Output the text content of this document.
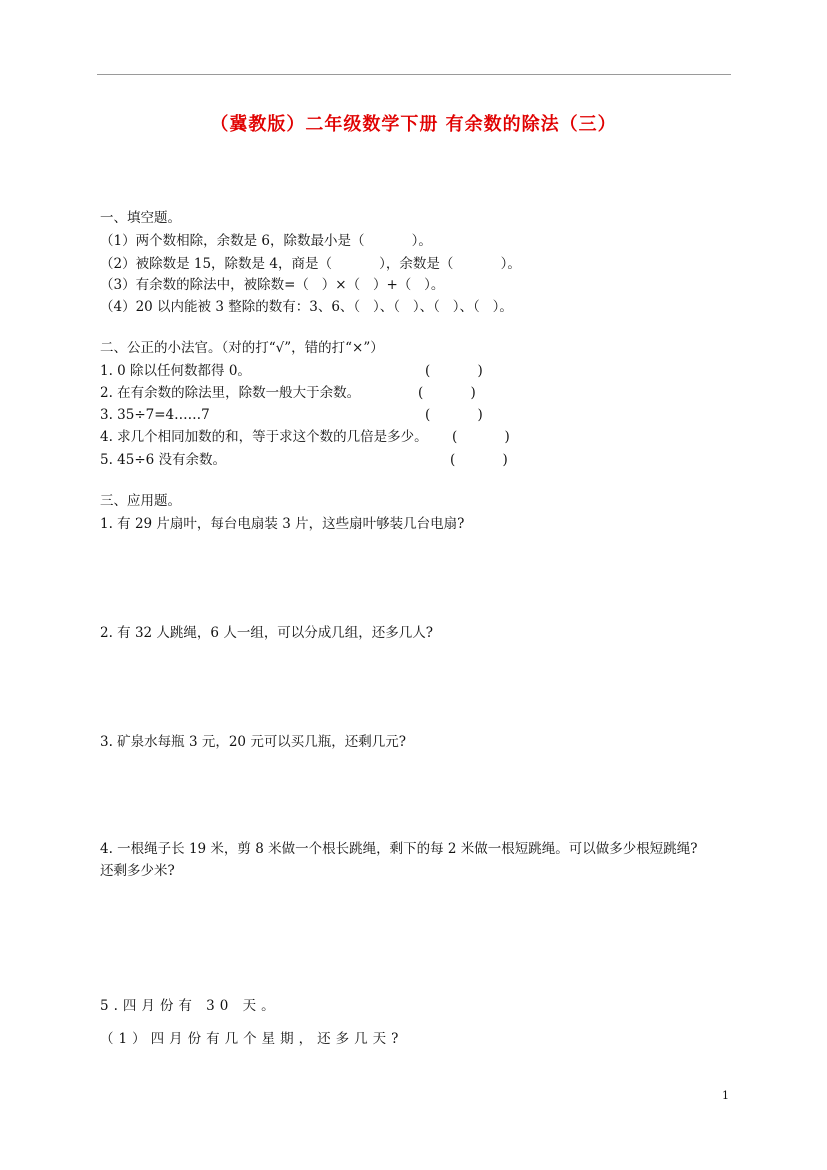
（冀教版）二年级数学下册 有余数的除法（三）
一、填空题。
（1）两个数相除，余数是 6，除数最小是（           ）。
（2）被除数是 15，除数是 4，商是（           ），余数是（           ）。
（3）有余数的除法中，被除数=（   ）×（   ）+（   ）。
（4）20 以内能被 3 整除的数有：3、6、（   ）、（   ）、（   ）、（   ）。
二、公正的小法官。（对的打“√”，错的打“×”）
1. 0 除以任何数都得 0。	(           )
2. 在有余数的除法里，除数一般大于余数。	(           )
3. 35÷7=4……7	(           )
4. 求几个相同加数的和，等于求这个数的几倍是多少。 (           )
5. 45÷6 没有余数。	(           )
三、应用题。
1. 有 29 片扇叶，每台电扇装 3 片，这些扇叶够装几台电扇?
2. 有 32 人跳绳，6 人一组，可以分成几组，还多几人?
3. 矿泉水每瓶 3 元，20 元可以买几瓶，还剩几元?
4. 一根绳子长 19 米，剪 8 米做一个根长跳绳，剩下的每 2 米做一根短跳绳。可以做多少根短跳绳?
还剩多少米?
5.四月份有 30 天。
（1）四月份有几个星期，还多几天?
1
